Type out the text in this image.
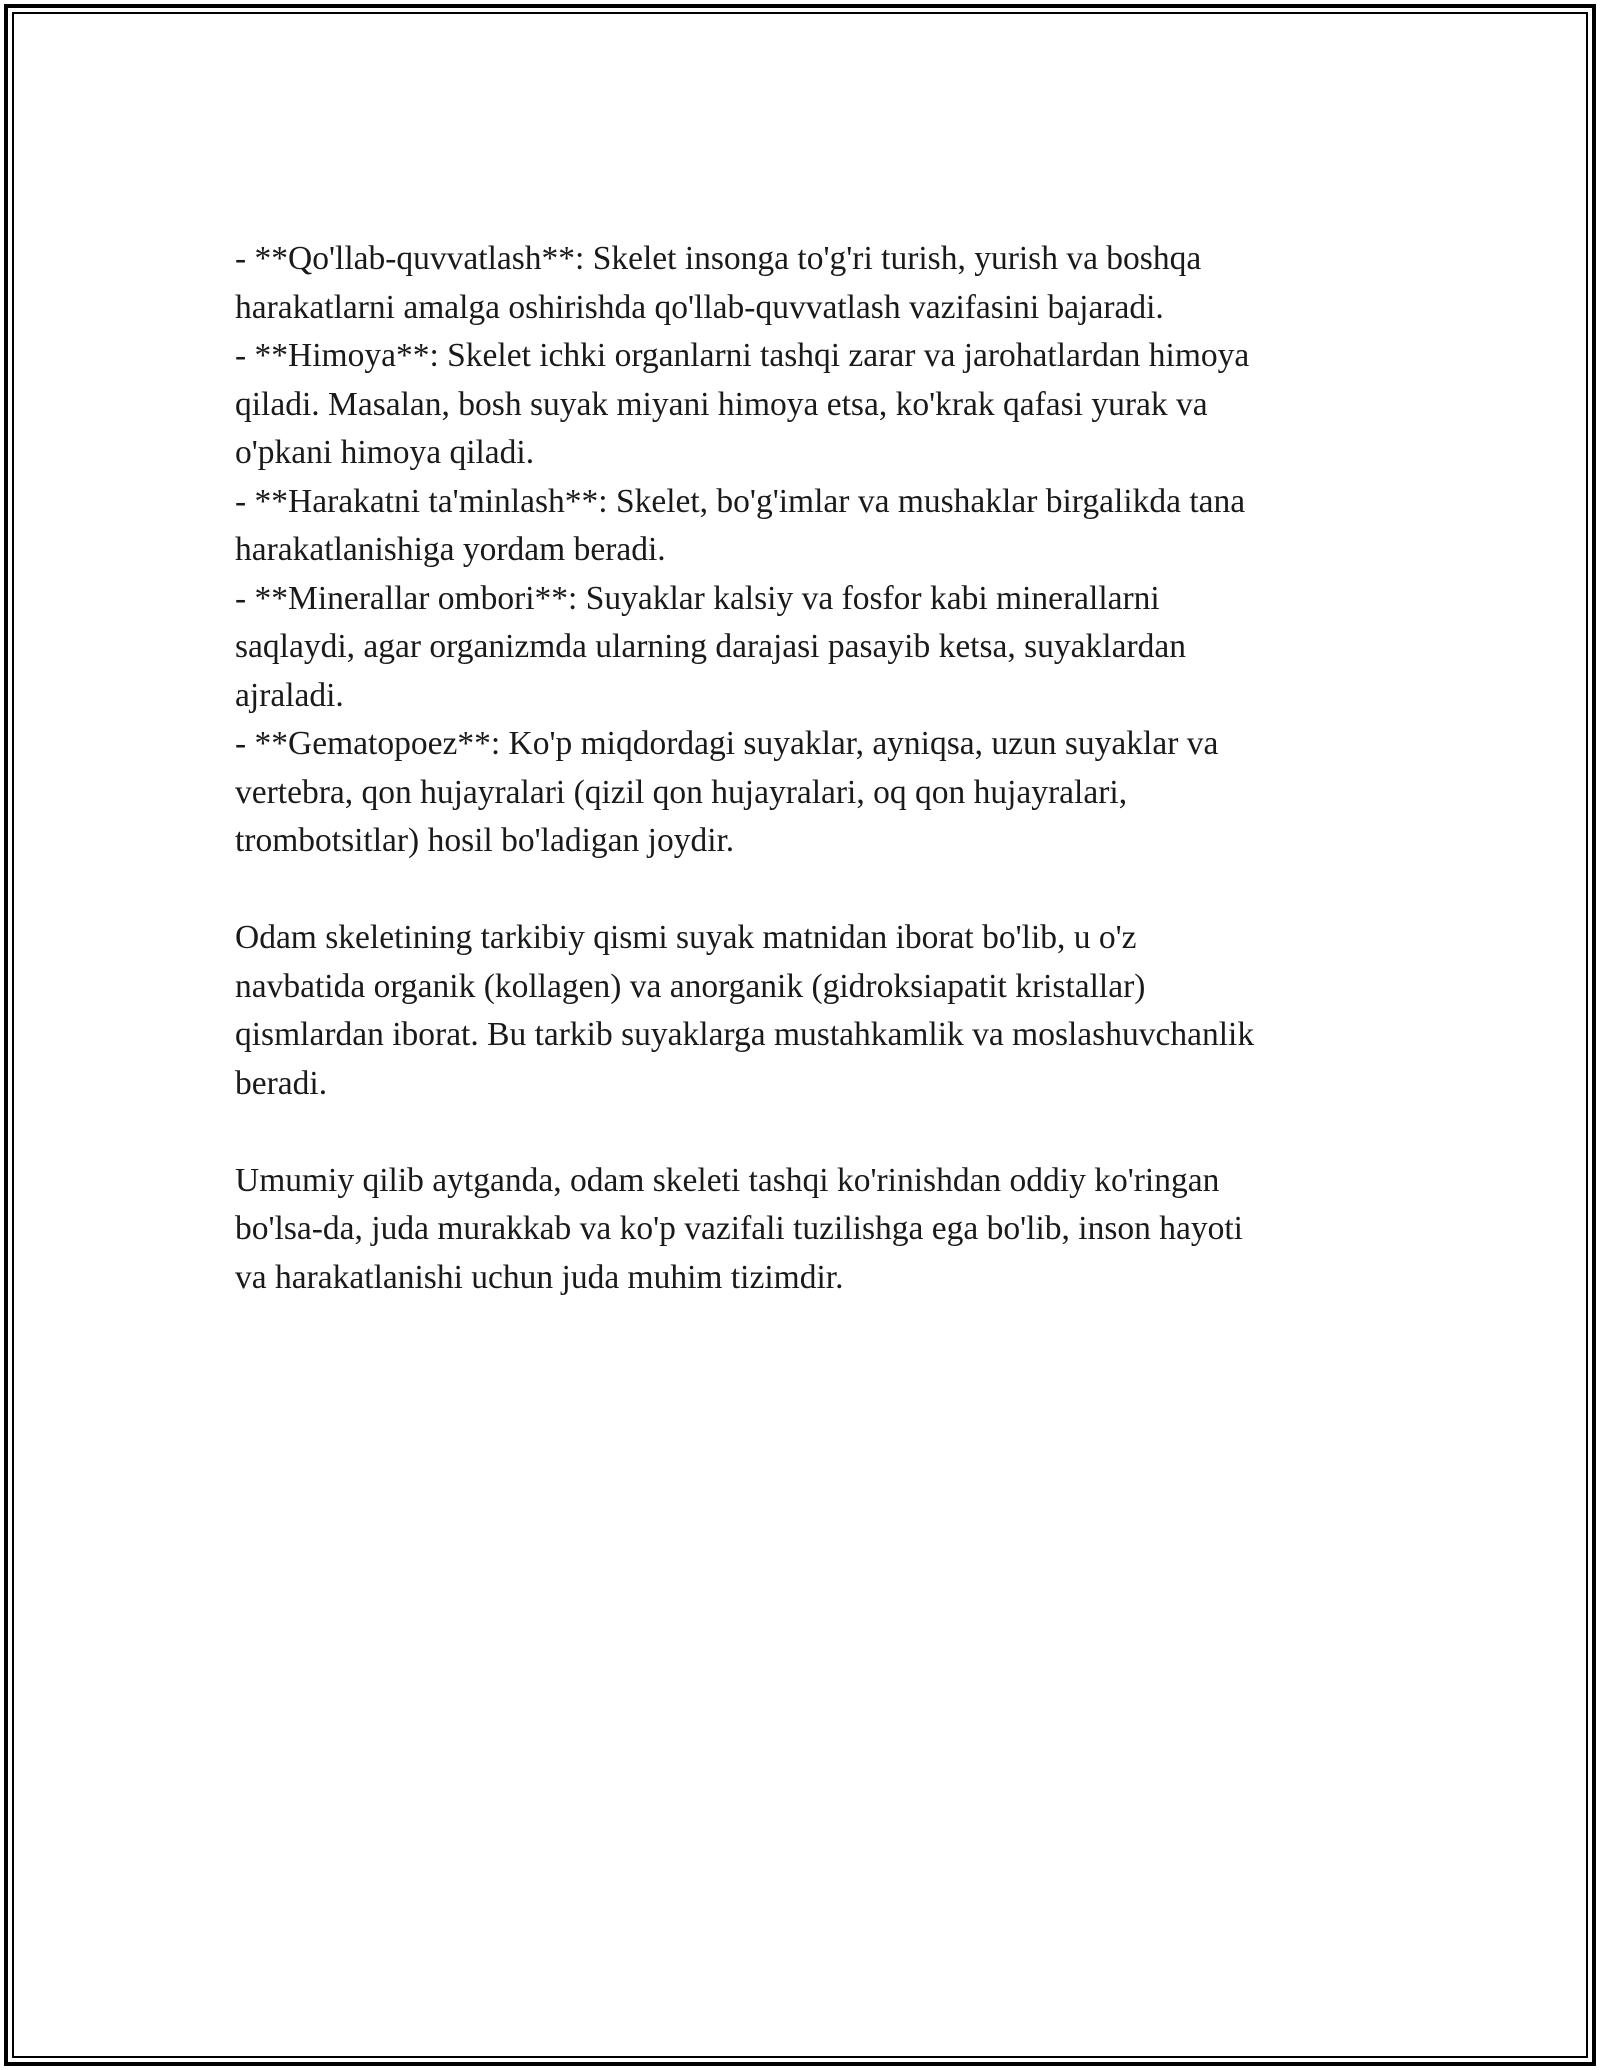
- **Qo'llab-quvvatlash**: Skelet insonga to'g'ri turish, yurish va boshqa
harakatlarni amalga oshirishda qo'llab-quvvatlash vazifasini bajaradi.
- **Himoya**: Skelet ichki organlarni tashqi zarar va jarohatlardan himoya
qiladi. Masalan, bosh suyak miyani himoya etsa, ko'krak qafasi yurak va
o'pkani himoya qiladi.
- **Harakatni ta'minlash**: Skelet, bo'g'imlar va mushaklar birgalikda tana
harakatlanishiga yordam beradi.
- **Minerallar ombori**: Suyaklar kalsiy va fosfor kabi minerallarni
saqlaydi, agar organizmda ularning darajasi pasayib ketsa, suyaklardan
ajraladi.
- **Gematopoez**: Ko'p miqdordagi suyaklar, ayniqsa, uzun suyaklar va
vertebra, qon hujayralari (qizil qon hujayralari, oq qon hujayralari,
trombotsitlar) hosil bo'ladigan joydir.
Odam skeletining tarkibiy qismi suyak matnidan iborat bo'lib, u o'z
navbatida organik (kollagen) va anorganik (gidroksiapatit kristallar)
qismlardan iborat. Bu tarkib suyaklarga mustahkamlik va moslashuvchanlik
beradi.
Umumiy qilib aytganda, odam skeleti tashqi ko'rinishdan oddiy ko'ringan
bo'lsa-da, juda murakkab va ko'p vazifali tuzilishga ega bo'lib, inson hayoti
va harakatlanishi uchun juda muhim tizimdir.
